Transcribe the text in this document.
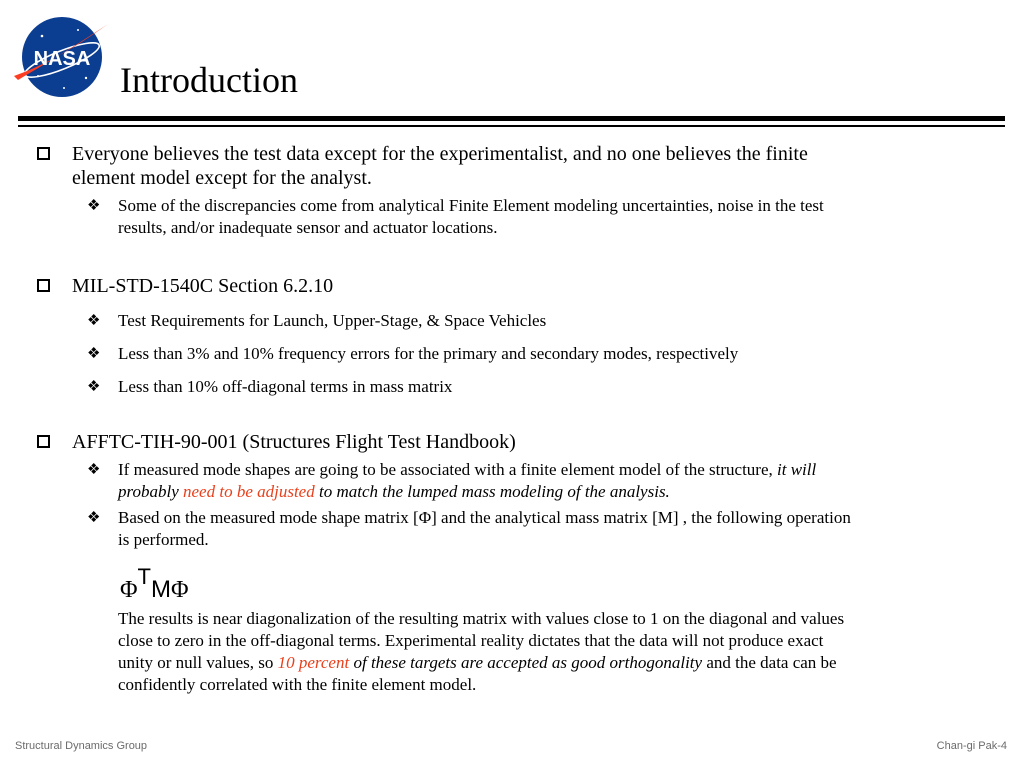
NASA
Introduction
Everyone believes the test data except for the experimentalist, and no one believes the finite
element model except for the analyst.
❖ Some of the discrepancies come from analytical Finite Element modeling uncertainties, noise in the test
results, and/or inadequate sensor and actuator locations.
MIL-STD-1540C Section 6.2.10
❖ Test Requirements for Launch, Upper-Stage, & Space Vehicles
❖ Less than 3% and 10% frequency errors for the primary and secondary modes, respectively
❖ Less than 10% off-diagonal terms in mass matrix
AFFTC-TIH-90-001 (Structures Flight Test Handbook)
❖ If measured mode shapes are going to be associated with a finite element model of the structure, it will
probably need to be adjusted to match the lumped mass modeling of the analysis.
❖ Based on the measured mode shape matrix [Φ] and the analytical mass matrix [M] , the following operation
is performed.
$\Phi^TM\Phi$
The results is near diagonalization of the resulting matrix with values close to 1 on the diagonal and values
close to zero in the off-diagonal terms. Experimental reality dictates that the data will not produce exact
unity or null values, so 10 percent of these targets are accepted as good orthogonality and the data can be
confidently correlated with the finite element model.
Structural Dynamics Group	Chan-gi Pak-4
